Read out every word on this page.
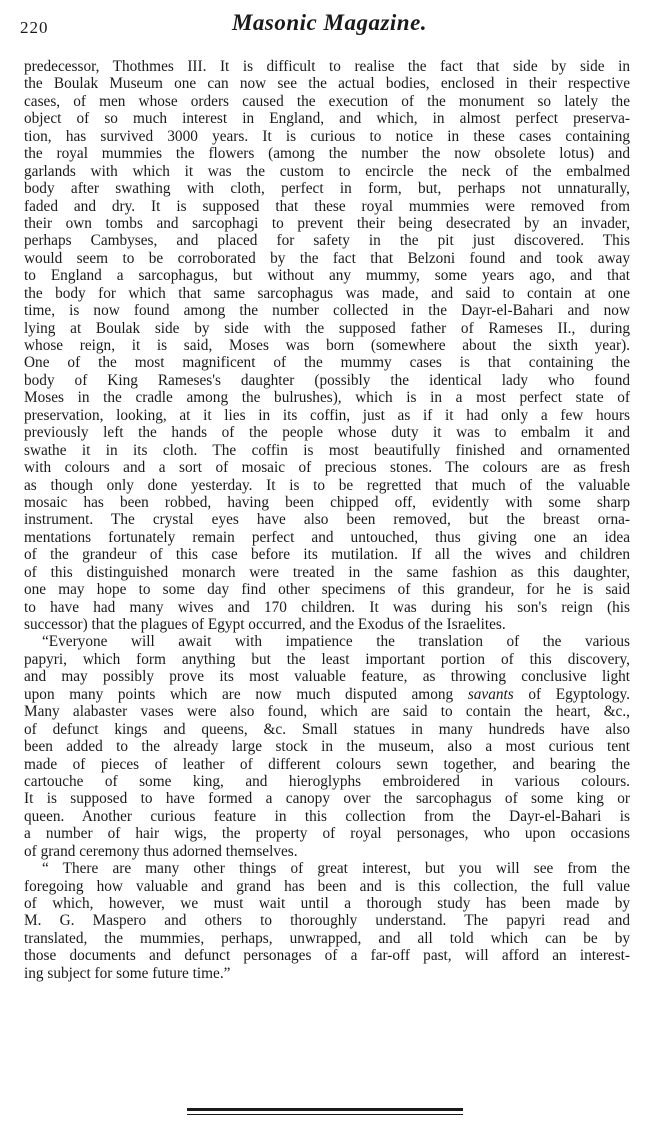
220	Masonic Magazine.
predecessor, Thothmes III. It is difficult to realise the fact that side by side in
the Boulak Museum one can now see the actual bodies, enclosed in their respective
cases, of men whose orders caused the execution of the monument so lately the
object of so much interest in England, and which, in almost perfect preserva-
tion, has survived 3000 years. It is curious to notice in these cases containing
the royal mummies the flowers (among the number the now obsolete lotus) and
garlands with which it was the custom to encircle the neck of the embalmed
body after swathing with cloth, perfect in form, but, perhaps not unnaturally,
faded and dry. It is supposed that these royal mummies were removed from
their own tombs and sarcophagi to prevent their being desecrated by an invader,
perhaps Cambyses, and placed for safety in the pit just discovered. This
would seem to be corroborated by the fact that Belzoni found and took away
to England a sarcophagus, but without any mummy, some years ago, and that
the body for which that same sarcophagus was made, and said to contain at one
time, is now found among the number collected in the Dayr-el-Bahari and now
lying at Boulak side by side with the supposed father of Rameses II., during
whose reign, it is said, Moses was born (somewhere about the sixth year).
One of the most magnificent of the mummy cases is that containing the
body of King Rameses's daughter (possibly the identical lady who found
Moses in the cradle among the bulrushes), which is in a most perfect state of
preservation, looking, at it lies in its coffin, just as if it had only a few hours
previously left the hands of the people whose duty it was to embalm it and
swathe it in its cloth. The coffin is most beautifully finished and ornamented
with colours and a sort of mosaic of precious stones. The colours are as fresh
as though only done yesterday. It is to be regretted that much of the valuable
mosaic has been robbed, having been chipped off, evidently with some sharp
instrument. The crystal eyes have also been removed, but the breast orna-
mentations fortunately remain perfect and untouched, thus giving one an idea
of the grandeur of this case before its mutilation. If all the wives and children
of this distinguished monarch were treated in the same fashion as this daughter,
one may hope to some day find other specimens of this grandeur, for he is said
to have had many wives and 170 children. It was during his son's reign (his
successor) that the plagues of Egypt occurred, and the Exodus of the Israelites.
“Everyone will await with impatience the translation of the various
papyri, which form anything but the least important portion of this discovery,
and may possibly prove its most valuable feature, as throwing conclusive light
upon many points which are now much disputed among savants of Egyptology.
Many alabaster vases were also found, which are said to contain the heart, &c.,
of defunct kings and queens, &c. Small statues in many hundreds have also
been added to the already large stock in the museum, also a most curious tent
made of pieces of leather of different colours sewn together, and bearing the
cartouche of some king, and hieroglyphs embroidered in various colours.
It is supposed to have formed a canopy over the sarcophagus of some king or
queen. Another curious feature in this collection from the Dayr-el-Bahari is
a number of hair wigs, the property of royal personages, who upon occasions
of grand ceremony thus adorned themselves.
“ There are many other things of great interest, but you will see from the
foregoing how valuable and grand has been and is this collection, the full value
of which, however, we must wait until a thorough study has been made by
M. G. Maspero and others to thoroughly understand. The papyri read and
translated, the mummies, perhaps, unwrapped, and all told which can be by
those documents and defunct personages of a far-off past, will afford an interest-
ing subject for some future time.”
